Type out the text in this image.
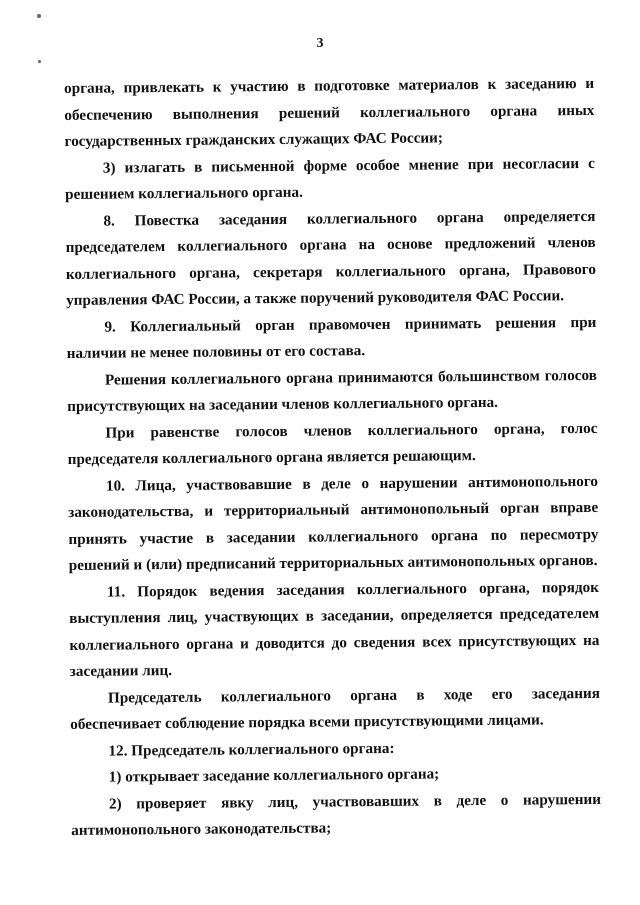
3

органа, привлекать к участию в подготовке материалов к заседанию и обеспечению выполнения решений коллегиального органа иных государственных гражданских служащих ФАС России;

3) излагать в письменной форме особое мнение при несогласии с решением коллегиального органа.

8. Повестка заседания коллегиального органа определяется председателем коллегиального органа на основе предложений членов коллегиального органа, секретаря коллегиального органа, Правового управления ФАС России, а также поручений руководителя ФАС России.

9. Коллегиальный орган правомочен принимать решения при наличии не менее половины от его состава.

Решения коллегиального органа принимаются большинством голосов присутствующих на заседании членов коллегиального органа.

При равенстве голосов членов коллегиального органа, голос председателя коллегиального органа является решающим.

10. Лица, участвовавшие в деле о нарушении антимонопольного законодательства, и территориальный антимонопольный орган вправе принять участие в заседании коллегиального органа по пересмотру решений и (или) предписаний территориальных антимонопольных органов.

11. Порядок ведения заседания коллегиального органа, порядок выступления лиц, участвующих в заседании, определяется председателем коллегиального органа и доводится до сведения всех присутствующих на заседании лиц.

Председатель коллегиального органа в ходе его заседания обеспечивает соблюдение порядка всеми присутствующими лицами.

12. Председатель коллегиального органа:

1) открывает заседание коллегиального органа;

2) проверяет явку лиц, участвовавших в деле о нарушении антимонопольного законодательства;
